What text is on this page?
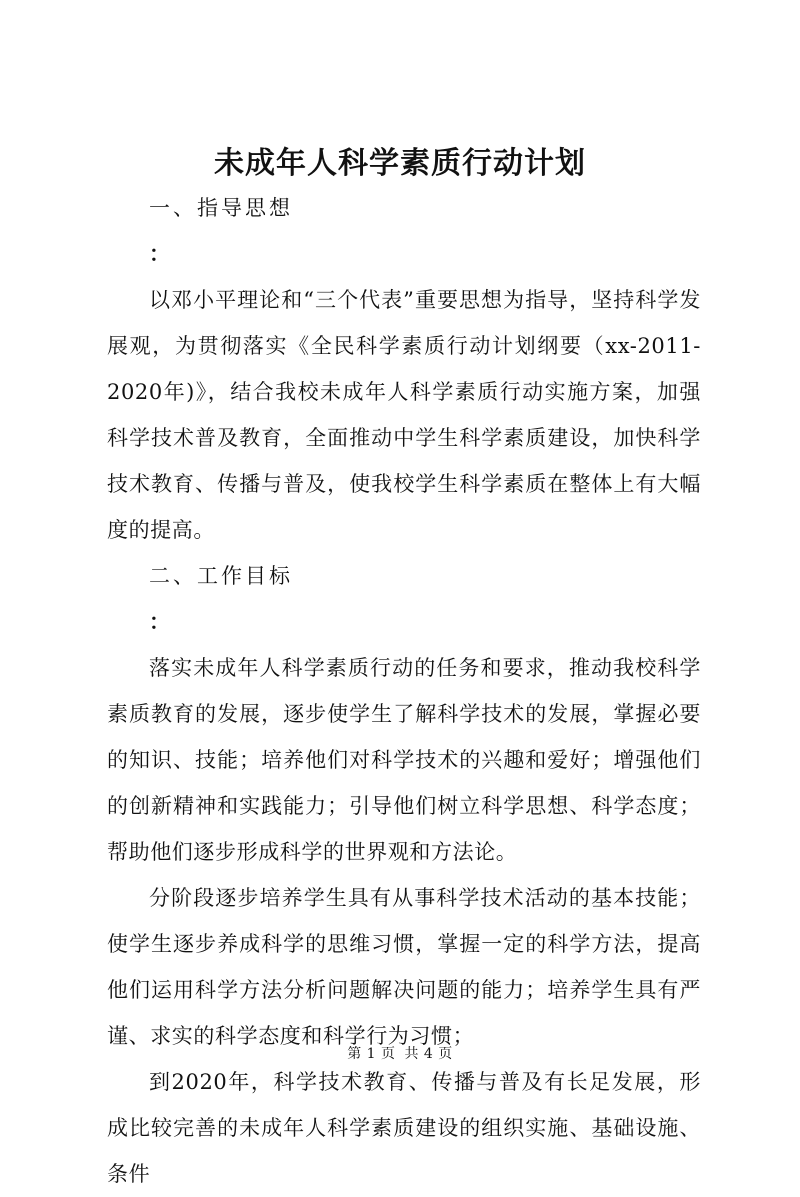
未成年人科学素质行动计划

一、指导思想

：

以邓小平理论和“三个代表”重要思想为指导，坚持科学发展观，为贯彻落实《全民科学素质行动计划纲要（xx-2011-2020年)》，结合我校未成年人科学素质行动实施方案，加强科学技术普及教育，全面推动中学生科学素质建设，加快科学技术教育、传播与普及，使我校学生科学素质在整体上有大幅度的提高。

二、工作目标

：

落实未成年人科学素质行动的任务和要求，推动我校科学素质教育的发展，逐步使学生了解科学技术的发展，掌握必要的知识、技能；培养他们对科学技术的兴趣和爱好；增强他们的创新精神和实践能力；引导他们树立科学思想、科学态度；帮助他们逐步形成科学的世界观和方法论。

分阶段逐步培养学生具有从事科学技术活动的基本技能；使学生逐步养成科学的思维习惯，掌握一定的科学方法，提高他们运用科学方法分析问题解决问题的能力；培养学生具有严谨、求实的科学态度和科学行为习惯；

到2020年，科学技术教育、传播与普及有长足发展，形成比较完善的未成年人科学素质建设的组织实施、基础设施、条件

第 1 页 共 4 页
